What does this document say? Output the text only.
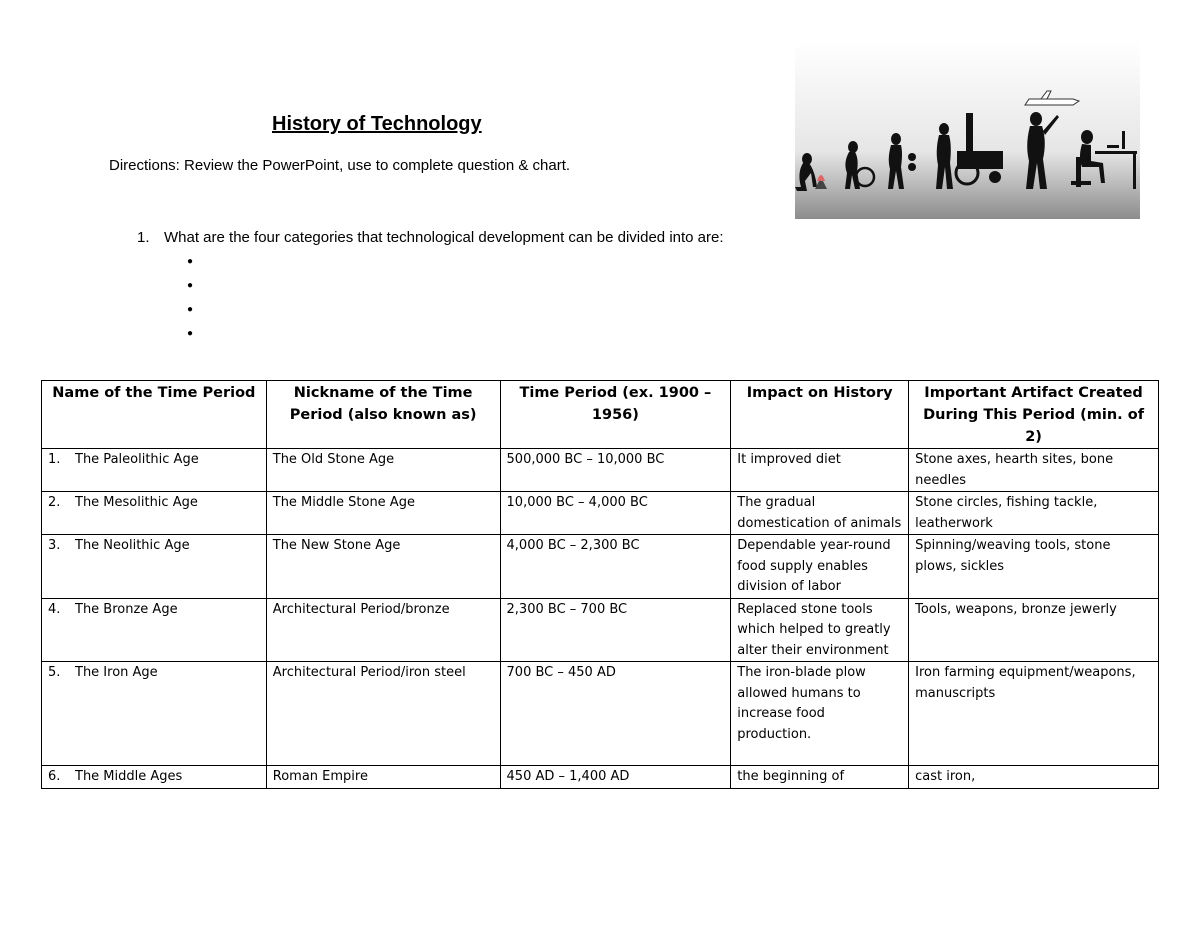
History of Technology
Directions: Review the PowerPoint, use to complete question & chart.
1. What are the four categories that technological development can be divided into are:
Name of the Time Period	Nickname of the Time Period (also known as)	Time Period (ex. 1900 – 1956)	Impact on History	Important Artifact Created During This Period (min. of 2)
1. The Paleolithic Age	The Old Stone Age	500,000 BC – 10,000 BC	It improved diet	Stone axes, hearth sites, bone needles
2. The Mesolithic Age	The Middle Stone Age	10,000 BC – 4,000 BC	The gradual domestication of animals	Stone circles, fishing tackle, leatherwork
3. The Neolithic Age	The New Stone Age	4,000 BC – 2,300 BC	Dependable year-round food supply enables division of labor	Spinning/weaving tools, stone plows, sickles
4. The Bronze Age	Architectural Period/bronze	2,300 BC – 700 BC	Replaced stone tools which helped to greatly alter their environment	Tools, weapons, bronze jewerly
5. The Iron Age	Architectural Period/iron steel	700 BC – 450 AD	The iron-blade plow allowed humans to increase food production.	Iron farming equipment/weapons, manuscripts
6. The Middle Ages	Roman Empire	450 AD – 1,400 AD	the beginning of	cast iron,
